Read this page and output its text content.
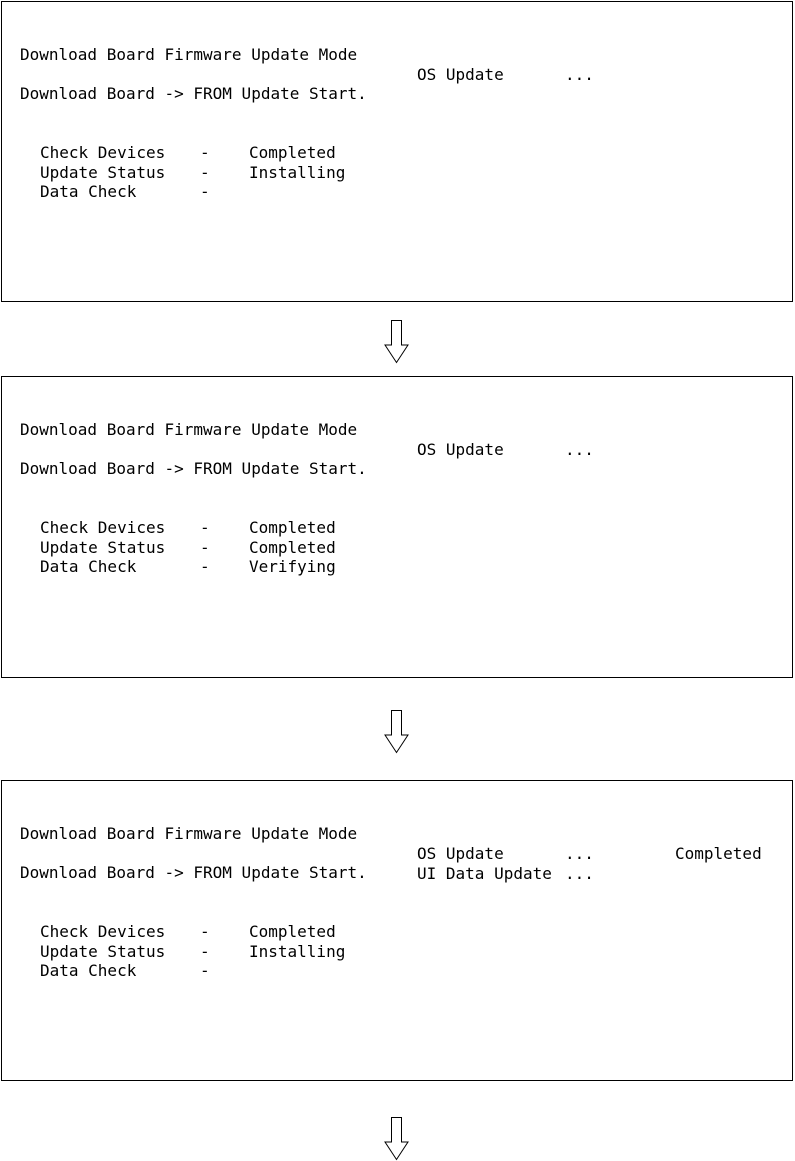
Download Board Firmware Update Mode
Download Board -> FROM Update Start.
OS Update	...
Check Devices - Completed
Update Status - Installing
Data Check	-
Download Board Firmware Update Mode
Download Board -> FROM Update Start.
OS Update	...
Check Devices - Completed
Update Status - Completed
Data Check	- Verifying
Download Board Firmware Update Mode
Download Board -> FROM Update Start.
OS Update	...	Completed
UI Data Update ...
Check Devices - Completed
Update Status - Installing
Data Check	-
